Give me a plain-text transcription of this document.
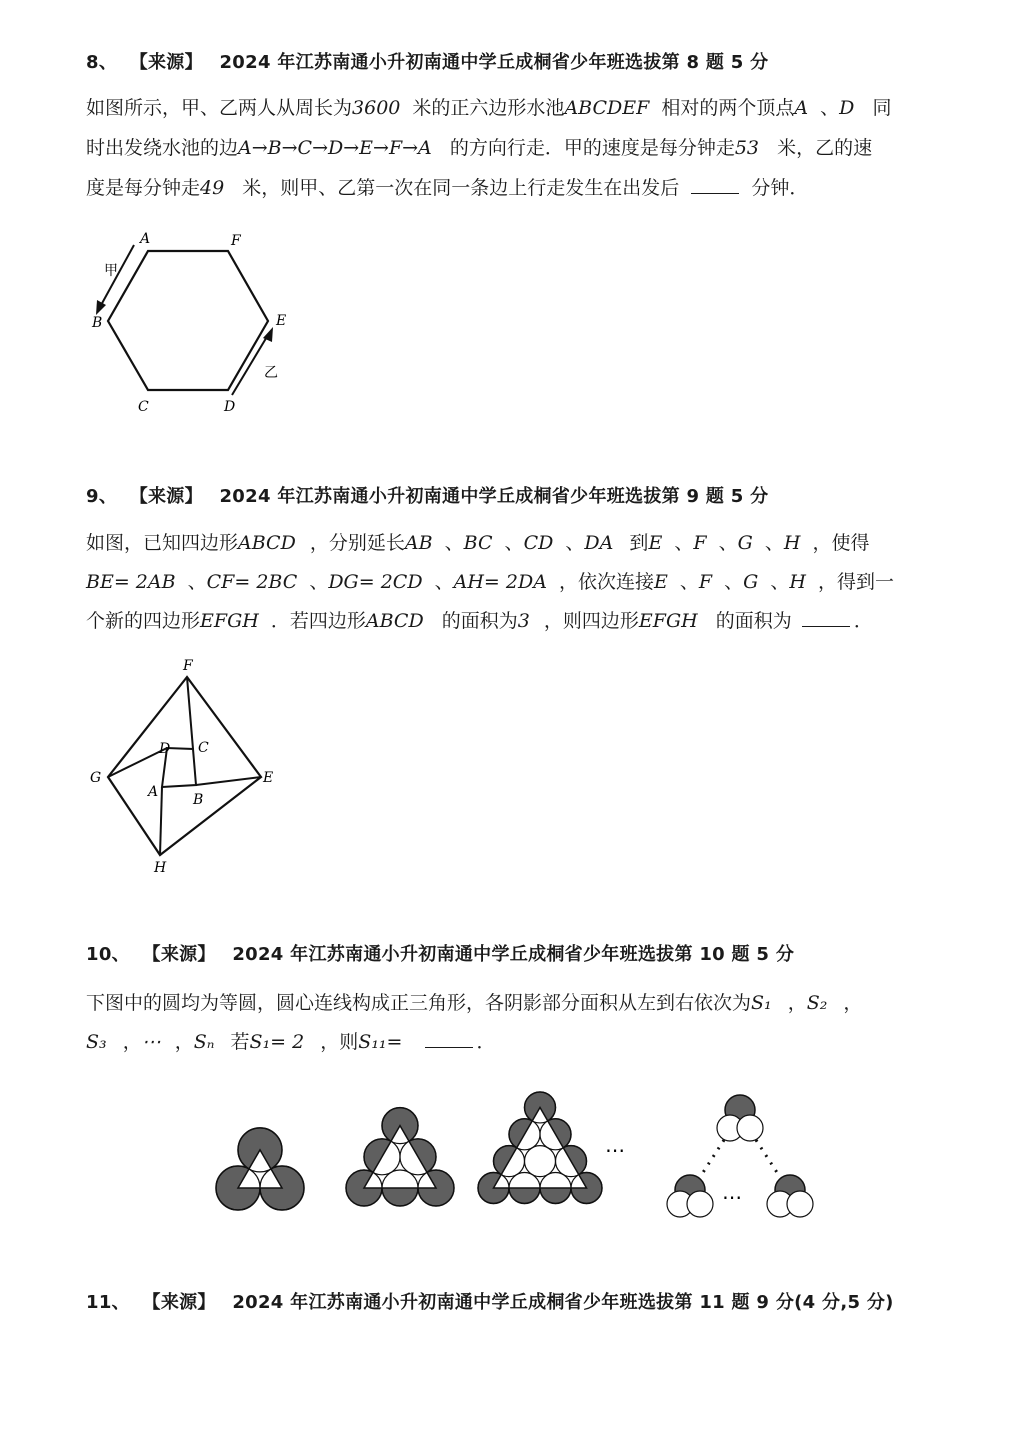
8、 【来源】 2024 年江苏南通小升初南通中学丘成桐省少年班选拔第 8 题 5 分
如图所示，甲、乙两人从周长为3600 米的正六边形水池ABCDEF 相对的两个顶点A 、D 同
时出发绕水池的边A→B→C→D→E→F→A 的方向行走．甲的速度是每分钟走53 米，乙的速
度是每分钟走49 米，则甲、乙第一次在同一条边上行走发生在出发后	分钟．
A	F
B	E
C	D
甲
乙
9、 【来源】 2024 年江苏南通小升初南通中学丘成桐省少年班选拔第 9 题 5 分
如图，已知四边形ABCD ，分别延长AB 、BC 、CD 、DA 到E 、F 、G 、H ，使得
BE= 2AB 、CF= 2BC 、DG= 2CD 、AH= 2DA ，依次连接E 、F 、G 、H ，得到一
个新的四边形EFGH ．若四边形ABCD 的面积为3 ，则四边形EFGH 的面积为	．
F
G	E
H
D C
A B
10、 【来源】 2024 年江苏南通小升初南通中学丘成桐省少年班选拔第 10 题 5 分
下图中的圆均为等圆，圆心连线构成正三角形，各阴影部分面积从左到右依次为S₁ ，S₂ ，
S₃ ，⋯ ，Sₙ 若S₁= 2 ，则S₁₁=	．
⋯
⋯
11、 【来源】 2024 年江苏南通小升初南通中学丘成桐省少年班选拔第 11 题 9 分(4 分,5 分)
